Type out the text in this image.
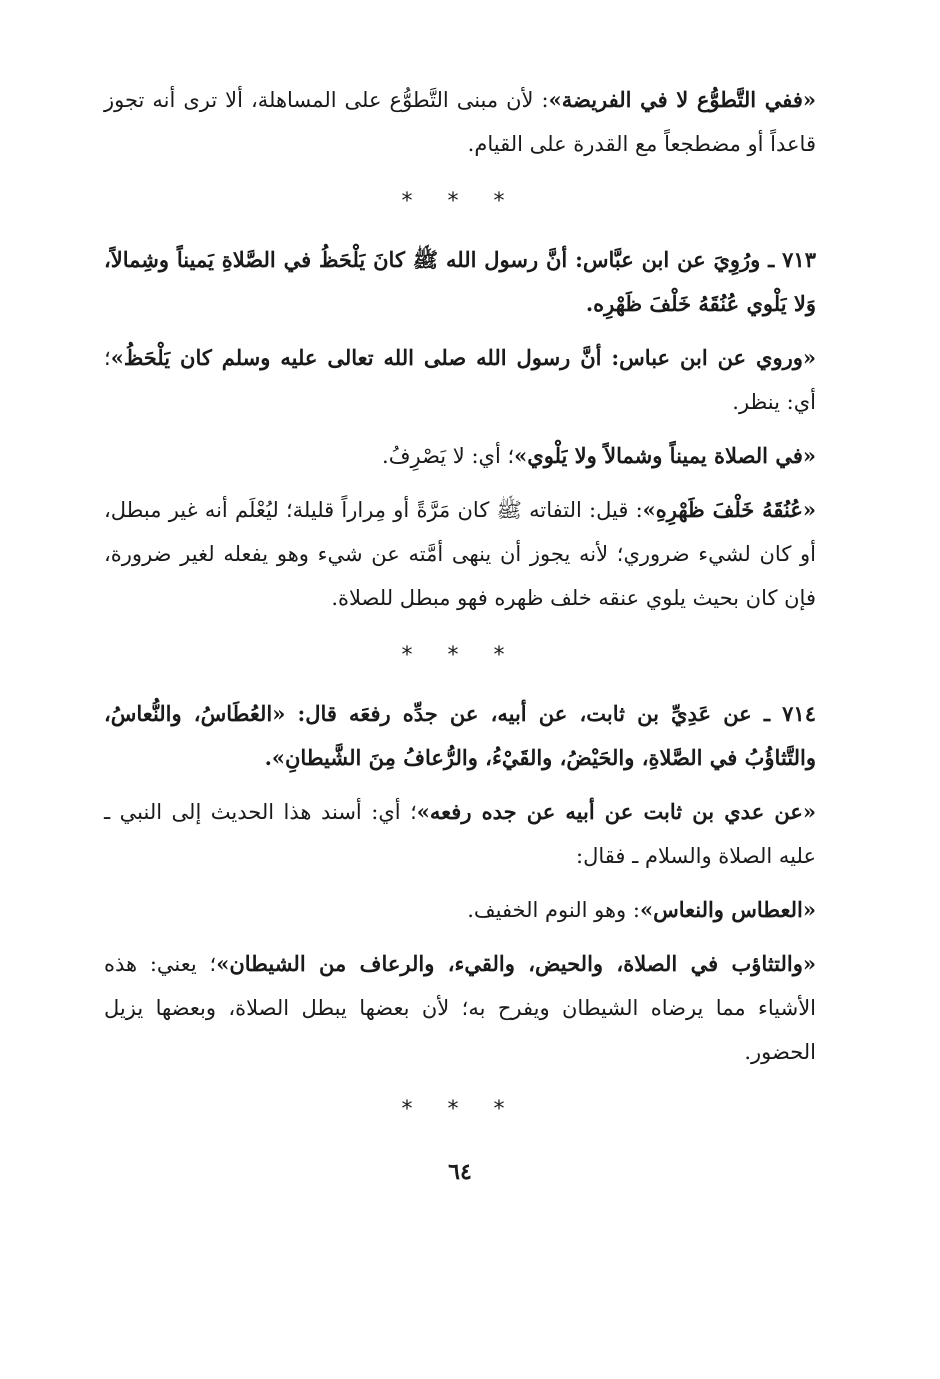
«ففي التَّطوُّع لا في الفريضة»: لأن مبنى التَّطوُّع على المساهلة، ألا ترى أنه تجوز قاعداً أو مضطجعاً مع القدرة على القيام.

* * *

٧١٣ ـ ورُوِيَ عن ابن عبَّاس: أنَّ رسول الله ﷺ كانَ يَلْحَظُ في الصَّلاةِ يَميناً وشِمالاً، وَلا يَلْوي عُنُقَهُ خَلْفَ ظَهْرِه.

«وروي عن ابن عباس: أنَّ رسول الله صلى الله تعالى عليه وسلم كان يَلْحَظُ»؛ أي: ينظر.

«في الصلاة يميناً وشمالاً ولا يَلْوي»؛ أي: لا يَصْرِفُ.

«عُنُقَهُ خَلْفَ ظَهْرِهِ»: قيل: التفاته ﷺ كان مَرَّةً أو مِراراً قليلة؛ ليُعْلَم أنه غير مبطل، أو كان لشيء ضروري؛ لأنه يجوز أن ينهى أمَّته عن شيء وهو يفعله لغير ضرورة، فإن كان بحيث يلوي عنقه خلف ظهره فهو مبطل للصلاة.

* * *

٧١٤ ـ عن عَدِيِّ بن ثابت، عن أبيه، عن جدِّه رفعَه قال: «العُطَاسُ، والنُّعاسُ، والتَّثاؤُبُ في الصَّلاةِ، والحَيْضُ، والقَيْءُ، والرُّعافُ مِنَ الشَّيطانِ».

«عن عدي بن ثابت عن أبيه عن جده رفعه»؛ أي: أسند هذا الحديث إلى النبي ـ عليه الصلاة والسلام ـ فقال:

«العطاس والنعاس»: وهو النوم الخفيف.

«والتثاؤب في الصلاة، والحيض، والقيء، والرعاف من الشيطان»؛ يعني: هذه الأشياء مما يرضاه الشيطان ويفرح به؛ لأن بعضها يبطل الصلاة، وبعضها يزيل الحضور.

* * *
٦٤
